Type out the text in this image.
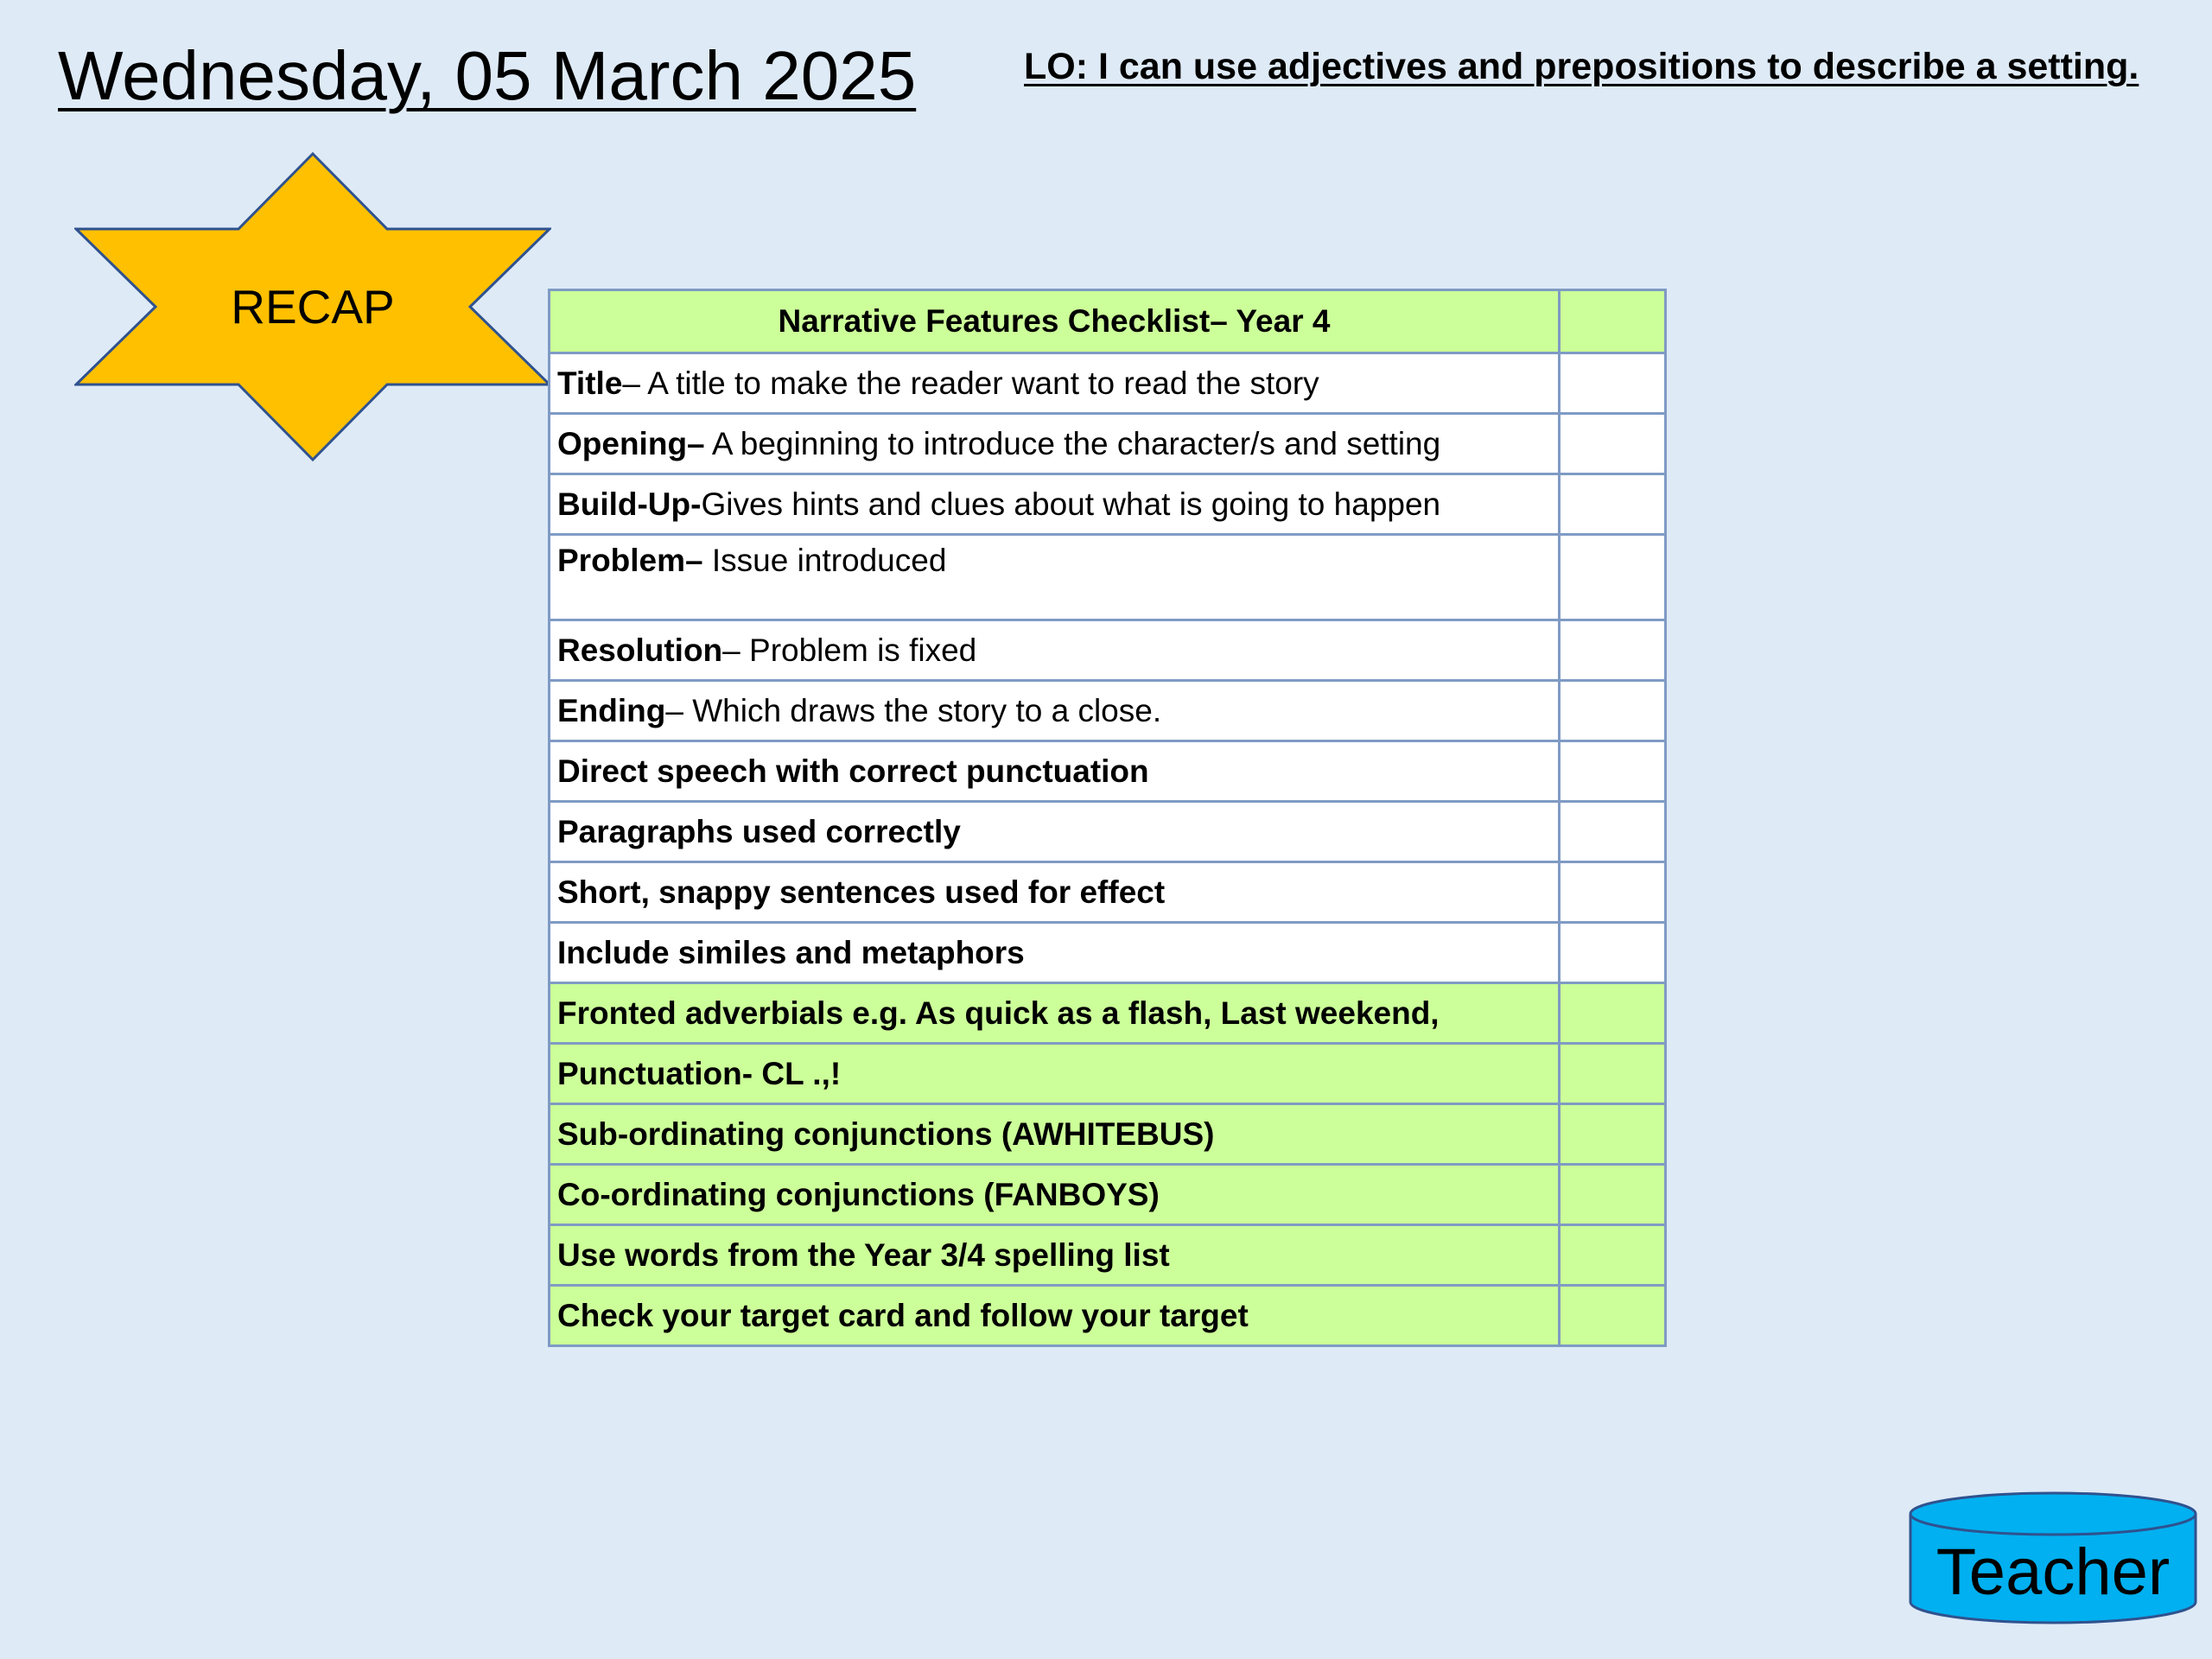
Wednesday, 05 March 2025	LO: I can use adjectives and prepositions to describe a setting.
RECAP	Narrative Features Checklist– Year 4	
Title– A title to make the reader want to read the story	
Opening– A beginning to introduce the character/s and setting	
Build-Up-Gives hints and clues about what is going to happen	
Problem– Issue introduced	
Resolution– Problem is fixed	
Ending– Which draws the story to a close.	
Direct speech with correct punctuation	
Paragraphs used correctly	
Short, snappy sentences used for effect	
Include similes and metaphors	
Fronted adverbials e.g. As quick as a flash, Last weekend,	
Punctuation- CL .,!	
Sub-ordinating conjunctions (AWHITEBUS)	
Co-ordinating conjunctions (FANBOYS)	
Use words from the Year 3/4 spelling list	
Check your target card and follow your target	
Teacher
